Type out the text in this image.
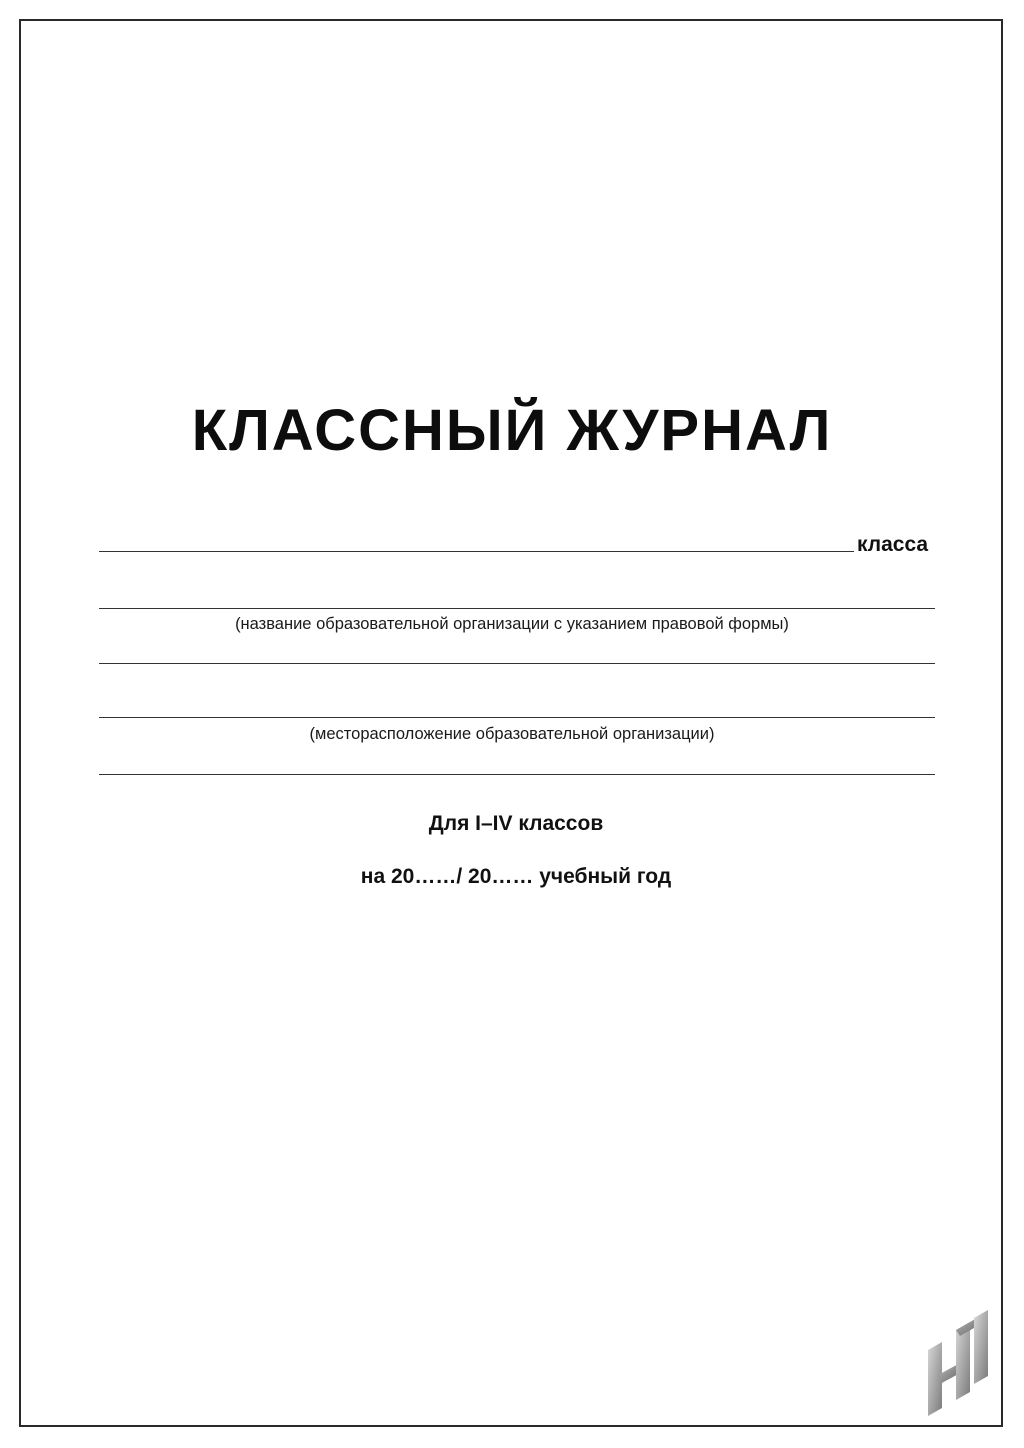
КЛАССНЫЙ ЖУРНАЛ
класса
(название образовательной организации с указанием правовой формы)
(месторасположение образовательной организации)
Для I–IV классов
на 20……/ 20…… учебный год
